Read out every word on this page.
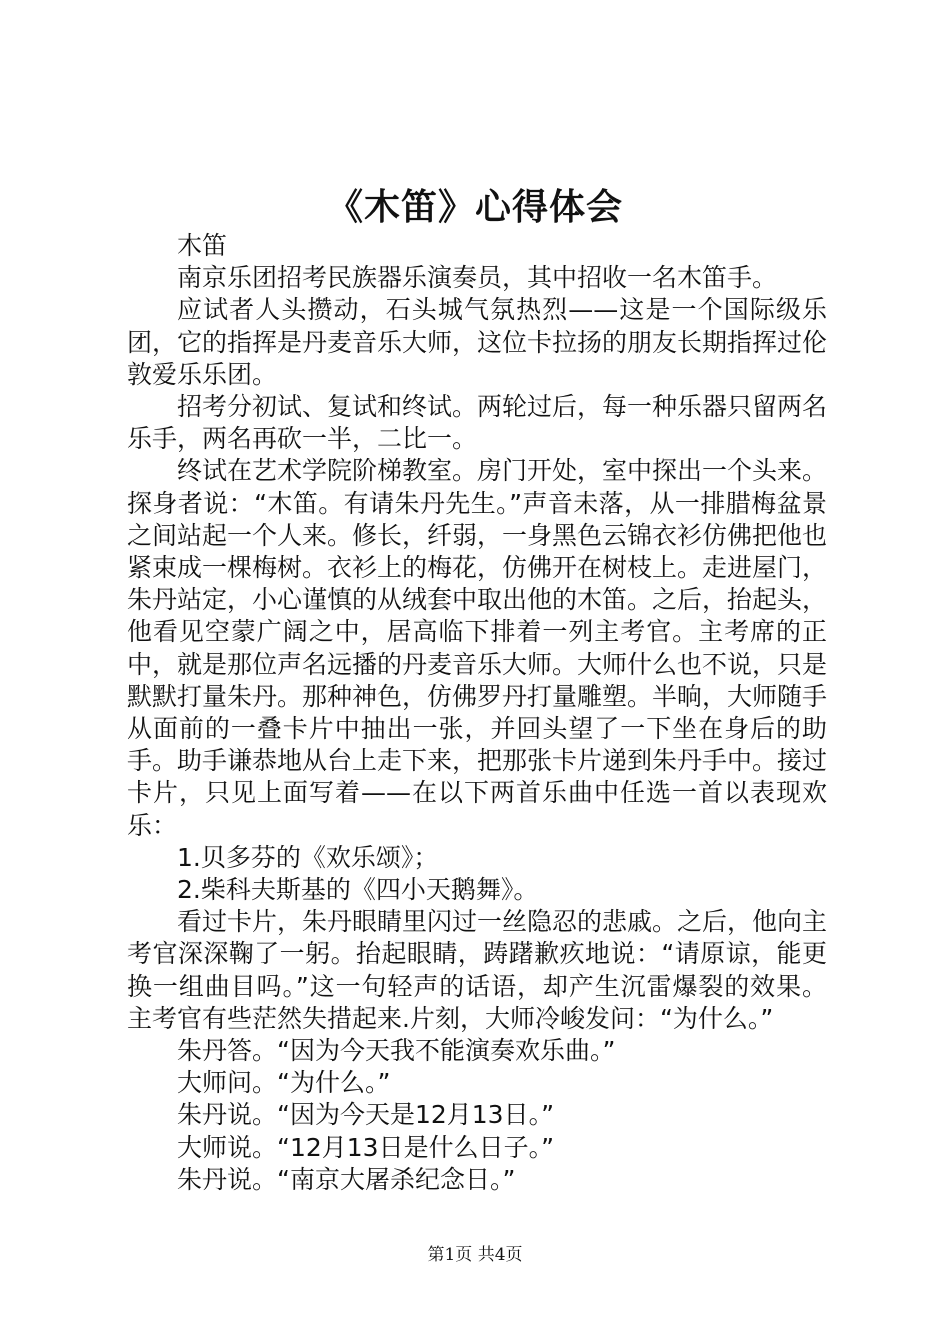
《木笛》心得体会

木笛

南京乐团招考民族器乐演奏员，其中招收一名木笛手。

应试者人头攒动，石头城气氛热烈——这是一个国际级乐团，它的指挥是丹麦音乐大师，这位卡拉扬的朋友长期指挥过伦敦爱乐乐团。

招考分初试、复试和终试。两轮过后，每一种乐器只留两名乐手，两名再砍一半，二比一。

终试在艺术学院阶梯教室。房门开处，室中探出一个头来。探身者说：“木笛。有请朱丹先生。”声音未落，从一排腊梅盆景之间站起一个人来。修长，纤弱，一身黑色云锦衣衫仿佛把他也紧束成一棵梅树。衣衫上的梅花，仿佛开在树枝上。走进屋门，朱丹站定，小心谨慎的从绒套中取出他的木笛。之后，抬起头，他看见空蒙广阔之中，居高临下排着一列主考官。主考席的正中，就是那位声名远播的丹麦音乐大师。大师什么也不说，只是默默打量朱丹。那种神色，仿佛罗丹打量雕塑。半晌，大师随手从面前的一叠卡片中抽出一张，并回头望了一下坐在身后的助手。助手谦恭地从台上走下来，把那张卡片递到朱丹手中。接过卡片，只见上面写着——在以下两首乐曲中任选一首以表现欢乐：

1.贝多芬的《欢乐颂》；

2.柴科夫斯基的《四小天鹅舞》。

看过卡片，朱丹眼睛里闪过一丝隐忍的悲戚。之后，他向主考官深深鞠了一躬。抬起眼睛，踌躇歉疚地说：“请原谅，能更换一组曲目吗。”这一句轻声的话语，却产生沉雷爆裂的效果。主考官有些茫然失措起来.片刻，大师冷峻发问：“为什么。”

朱丹答。“因为今天我不能演奏欢乐曲。”

大师问。“为什么。”

朱丹说。“因为今天是12月13日。”

大师说。“12月13日是什么日子。”

朱丹说。“南京大屠杀纪念日。”

第1页 共4页
